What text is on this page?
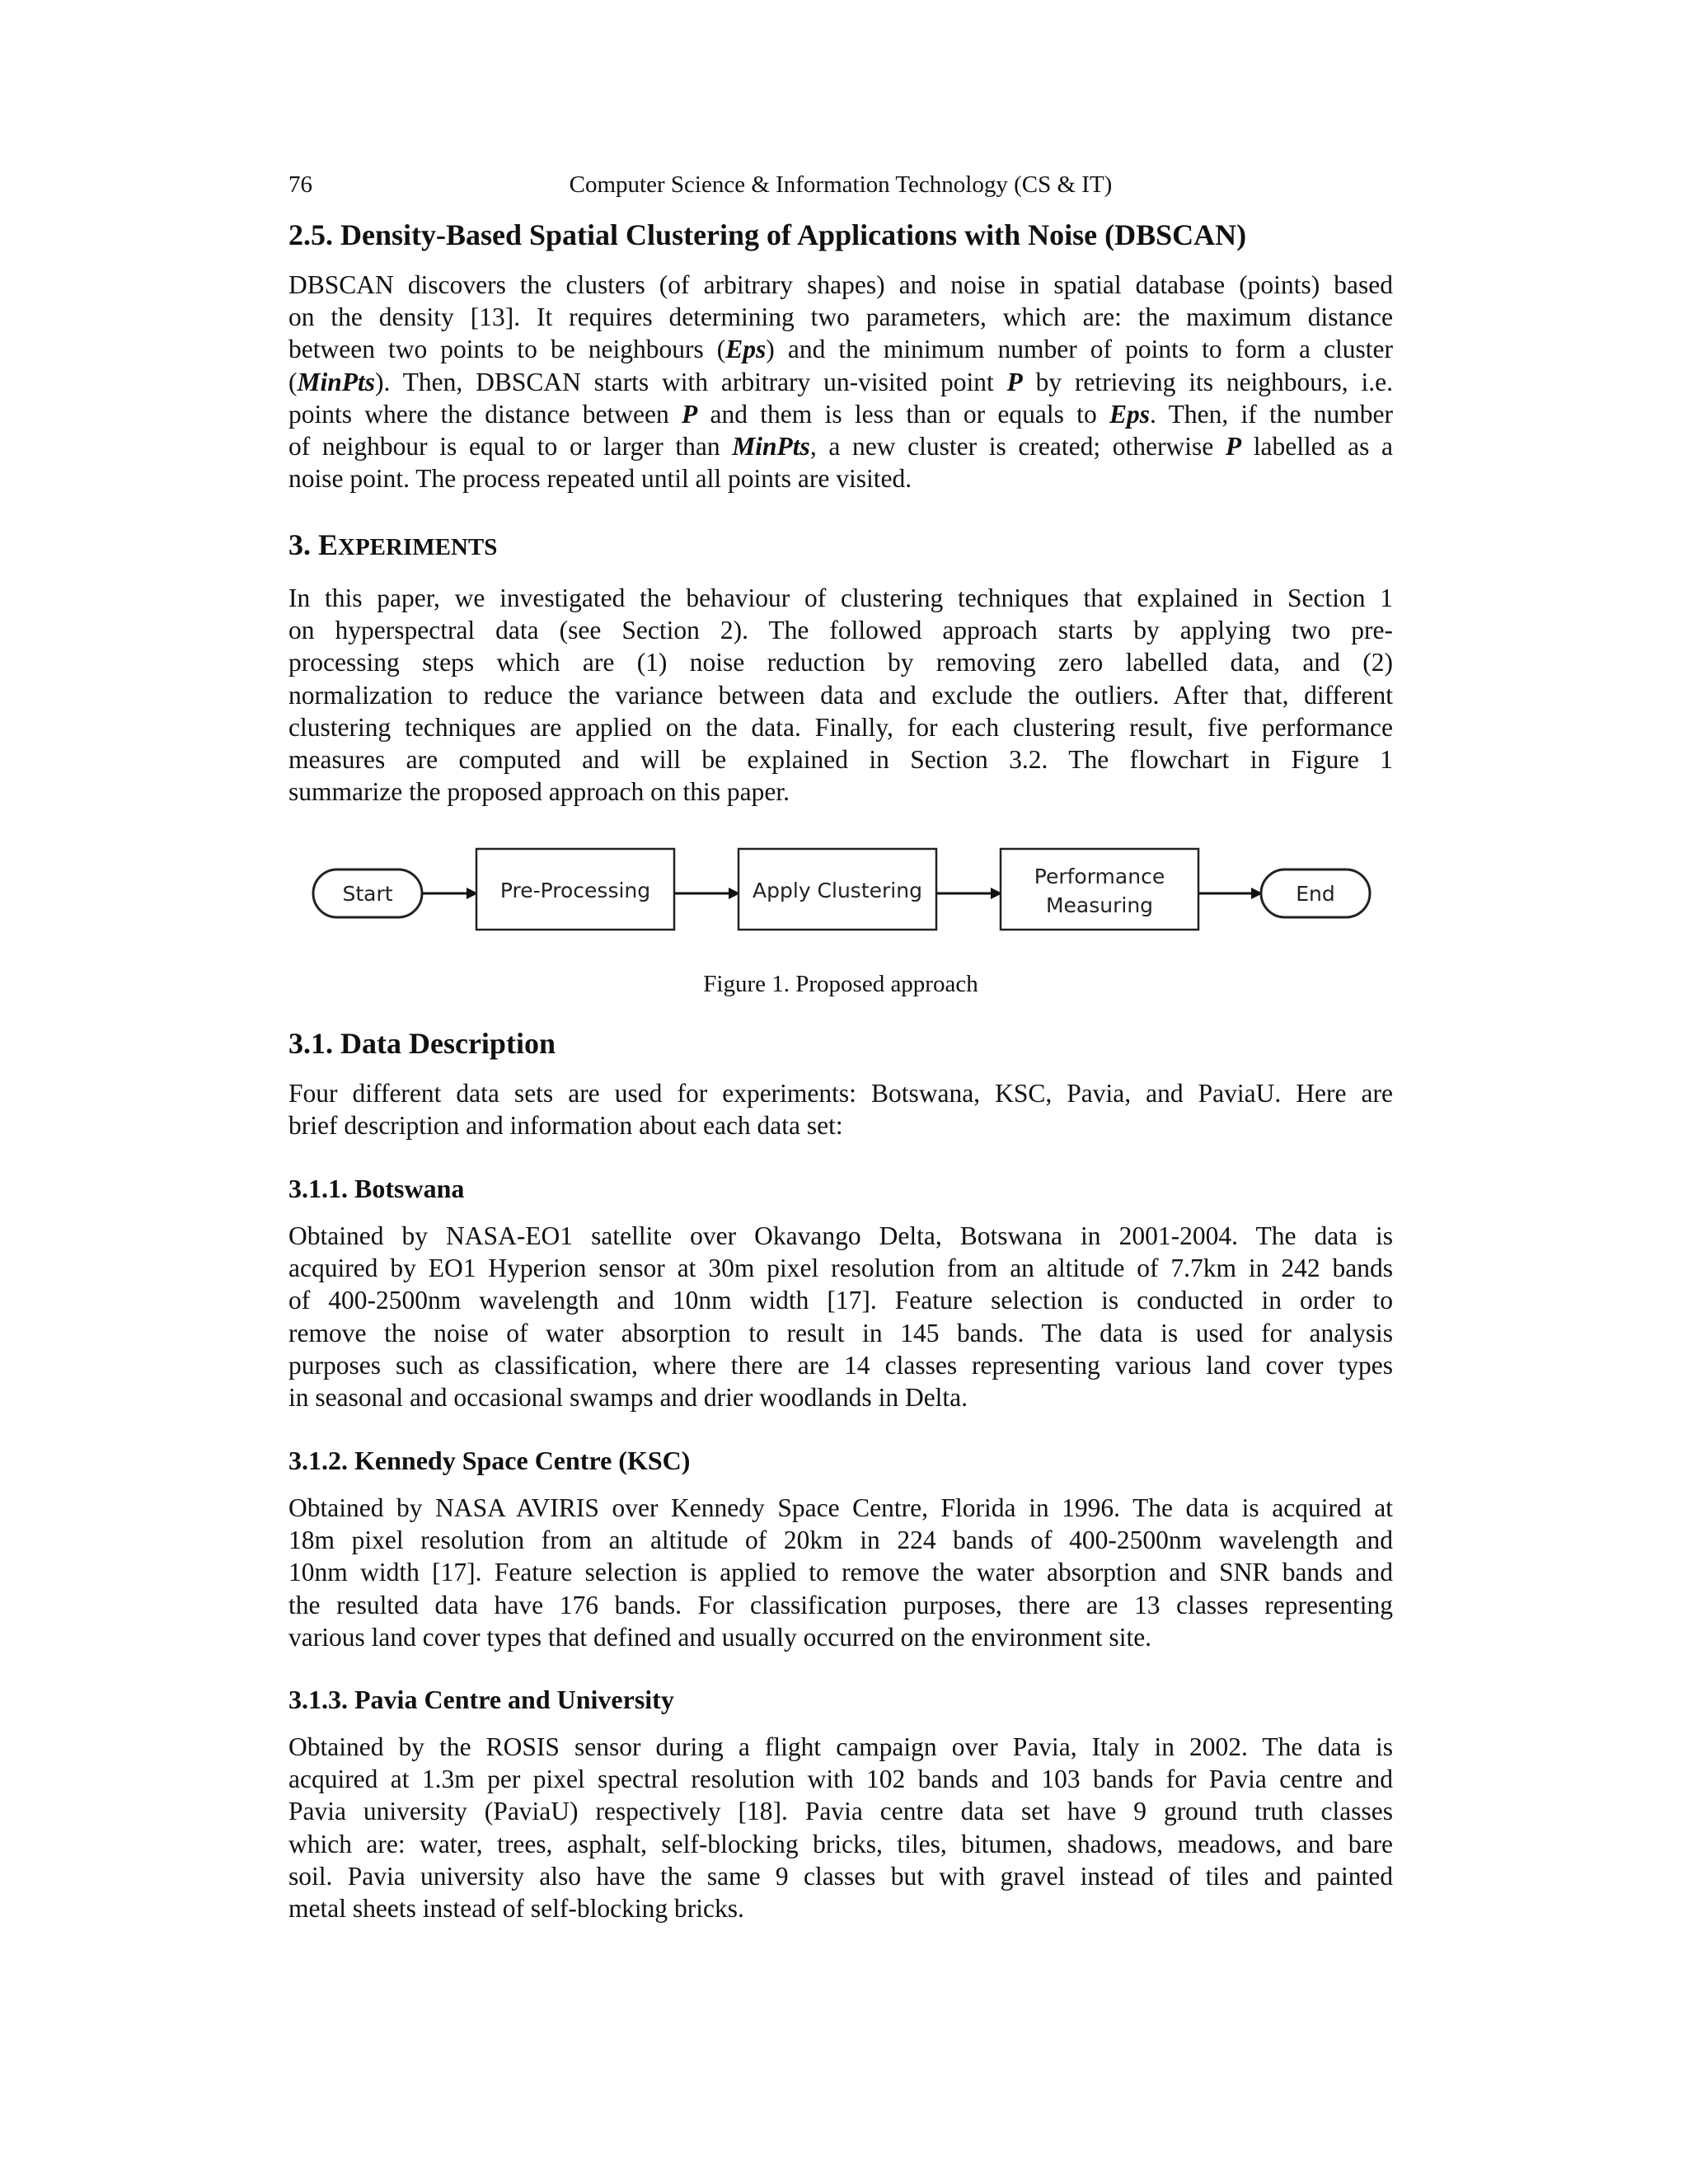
76	Computer Science & Information Technology (CS & IT)
2.5. Density-Based Spatial Clustering of Applications with Noise (DBSCAN)
DBSCAN discovers the clusters (of arbitrary shapes) and noise in spatial database (points) based
on the density [13]. It requires determining two parameters, which are: the maximum distance
between two points to be neighbours (Eps) and the minimum number of points to form a cluster
(MinPts). Then, DBSCAN starts with arbitrary un-visited point P by retrieving its neighbours, i.e.
points where the distance between P and them is less than or equals to Eps. Then, if the number
of neighbour is equal to or larger than MinPts, a new cluster is created; otherwise P labelled as a
noise point. The process repeated until all points are visited.
3. EXPERIMENTS
In this paper, we investigated the behaviour of clustering techniques that explained in Section 1
on hyperspectral data (see Section 2). The followed approach starts by applying two pre-
processing steps which are (1) noise reduction by removing zero labelled data, and (2)
normalization to reduce the variance between data and exclude the outliers. After that, different
clustering techniques are applied on the data. Finally, for each clustering result, five performance
measures are computed and will be explained in Section 3.2. The flowchart in Figure 1
summarize the proposed approach on this paper.
Start	Pre-Processing	Apply Clustering
Performance
Measuring	End
Figure 1. Proposed approach
3.1. Data Description
Four different data sets are used for experiments: Botswana, KSC, Pavia, and PaviaU. Here are
brief description and information about each data set:
3.1.1. Botswana
Obtained by NASA-EO1 satellite over Okavango Delta, Botswana in 2001-2004. The data is
acquired by EO1 Hyperion sensor at 30m pixel resolution from an altitude of 7.7km in 242 bands
of 400-2500nm wavelength and 10nm width [17]. Feature selection is conducted in order to
remove the noise of water absorption to result in 145 bands. The data is used for analysis
purposes such as classification, where there are 14 classes representing various land cover types
in seasonal and occasional swamps and drier woodlands in Delta.
3.1.2. Kennedy Space Centre (KSC)
Obtained by NASA AVIRIS over Kennedy Space Centre, Florida in 1996. The data is acquired at
18m pixel resolution from an altitude of 20km in 224 bands of 400-2500nm wavelength and
10nm width [17]. Feature selection is applied to remove the water absorption and SNR bands and
the resulted data have 176 bands. For classification purposes, there are 13 classes representing
various land cover types that defined and usually occurred on the environment site.
3.1.3. Pavia Centre and University
Obtained by the ROSIS sensor during a flight campaign over Pavia, Italy in 2002. The data is
acquired at 1.3m per pixel spectral resolution with 102 bands and 103 bands for Pavia centre and
Pavia university (PaviaU) respectively [18]. Pavia centre data set have 9 ground truth classes
which are: water, trees, asphalt, self-blocking bricks, tiles, bitumen, shadows, meadows, and bare
soil. Pavia university also have the same 9 classes but with gravel instead of tiles and painted
metal sheets instead of self-blocking bricks.
